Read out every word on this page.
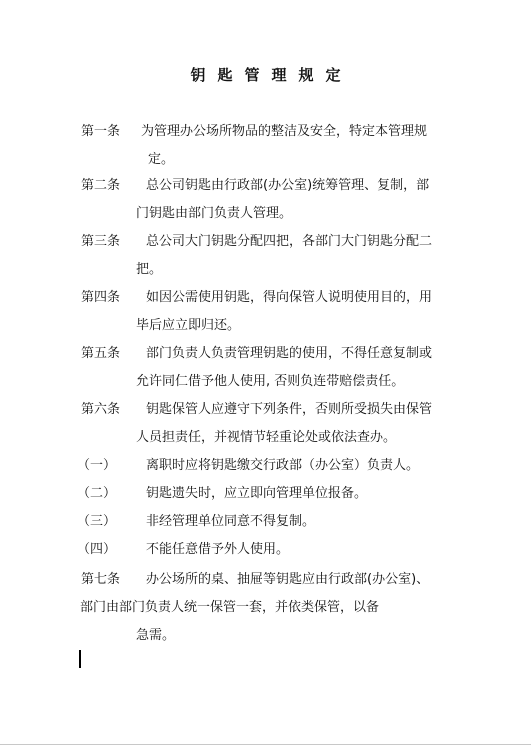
钥匙管理规定
第一条 为管理办公场所物品的整洁及安全，特定本管理规
定。
第二条 总公司钥匙由行政部(办公室)统筹管理、复制，部
门钥匙由部门负责人管理。
第三条 总公司大门钥匙分配四把，各部门大门钥匙分配二
把。
第四条 如因公需使用钥匙，得向保管人说明使用目的，用
毕后应立即归还。
第五条 部门负责人负责管理钥匙的使用，不得任意复制或
允许同仁借予他人使用, 否则负连带赔偿责任。
第六条 钥匙保管人应遵守下列条件，否则所受损失由保管
人员担责任，并视情节轻重论处或依法查办。
（一） 离职时应将钥匙缴交行政部（办公室）负责人。
（二） 钥匙遗失时，应立即向管理单位报备。
（三） 非经管理单位同意不得复制。
（四） 不能任意借予外人使用。
第七条 办公场所的桌、抽屉等钥匙应由行政部(办公室)、
部门由部门负责人统一保管一套，并依类保管，以备
急需。
